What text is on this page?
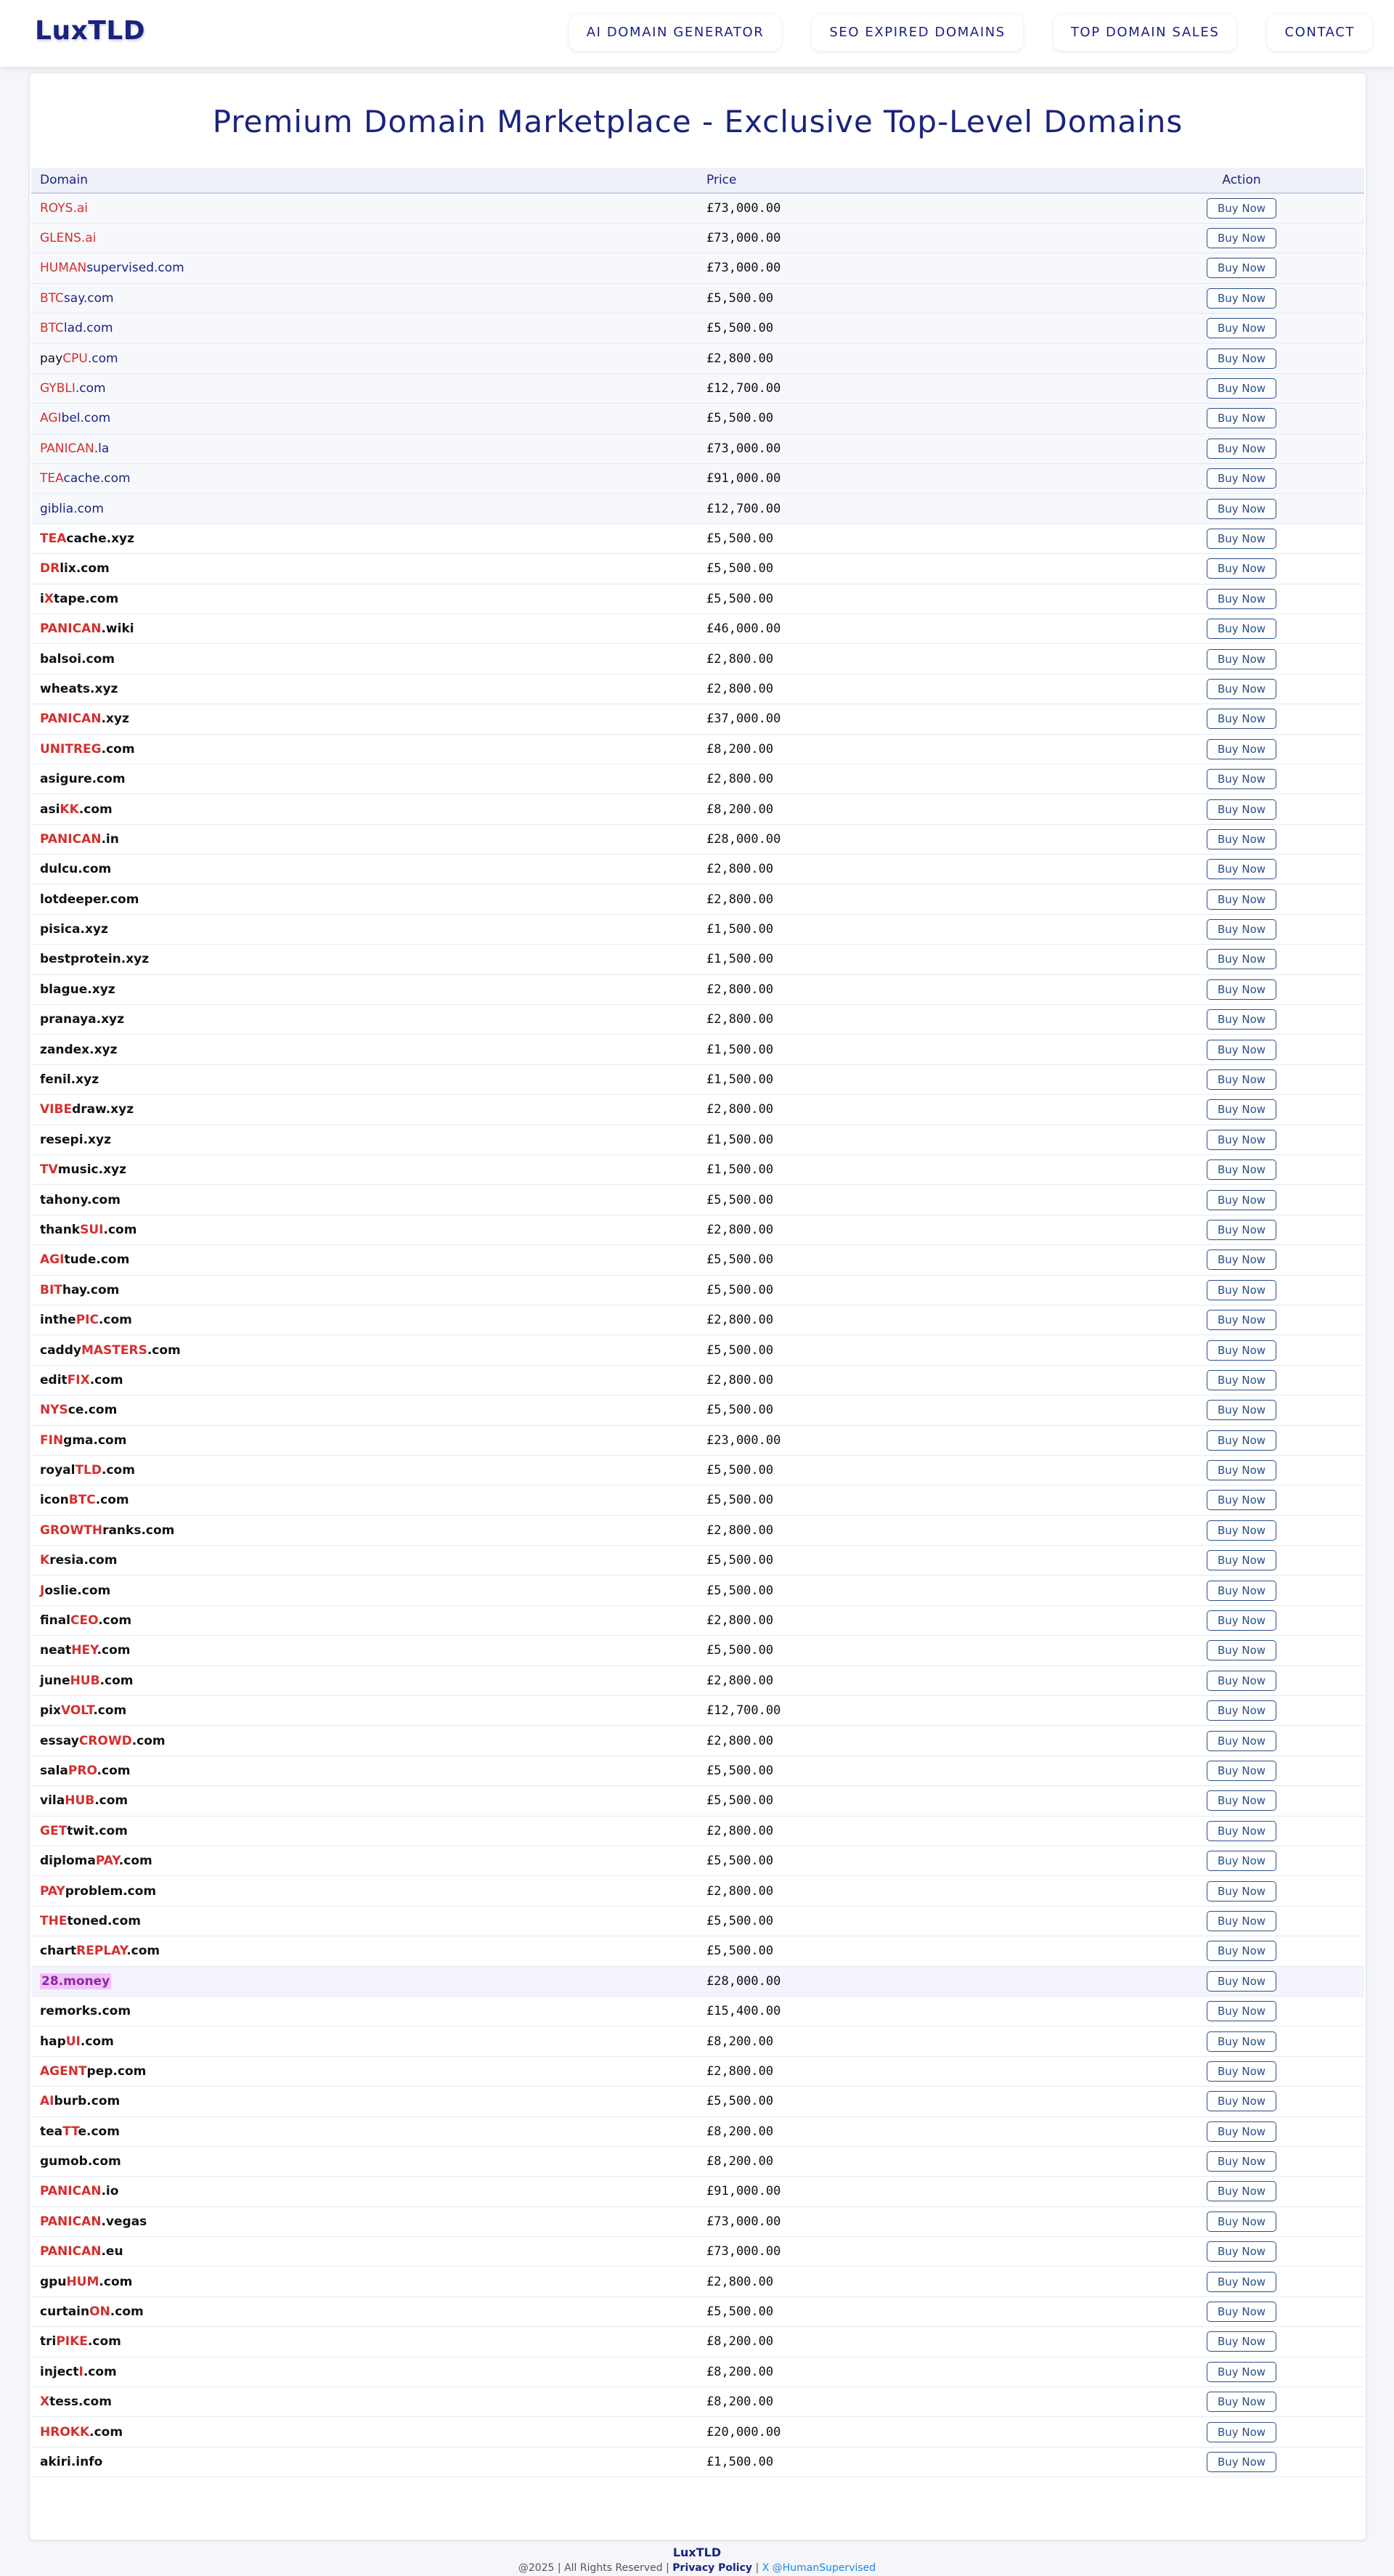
LuxTLD	AI DOMAIN GENERATOR	SEO EXPIRED DOMAINS	TOP DOMAIN SALES	CONTACT
Premium Domain Marketplace - Exclusive Top-Level Domains
Domain	Price	Action
ROYS.ai	£73,000.00	Buy Now
GLENS.ai	£73,000.00	Buy Now
HUMANsupervised.com	£73,000.00	Buy Now
BTCsay.com	£5,500.00	Buy Now
BTClad.com	£5,500.00	Buy Now
payCPU.com	£2,800.00	Buy Now
GYBLI.com	£12,700.00	Buy Now
AGIbel.com	£5,500.00	Buy Now
PANICAN.la	£73,000.00	Buy Now
TEAcache.com	£91,000.00	Buy Now
giblia.com	£12,700.00	Buy Now
TEAcache.xyz	£5,500.00	Buy Now
DRlix.com	£5,500.00	Buy Now
iXtape.com	£5,500.00	Buy Now
PANICAN.wiki	£46,000.00	Buy Now
balsoi.com	£2,800.00	Buy Now
wheats.xyz	£2,800.00	Buy Now
PANICAN.xyz	£37,000.00	Buy Now
UNITREG.com	£8,200.00	Buy Now
asigure.com	£2,800.00	Buy Now
asiKK.com	£8,200.00	Buy Now
PANICAN.in	£28,000.00	Buy Now
dulcu.com	£2,800.00	Buy Now
lotdeeper.com	£2,800.00	Buy Now
pisica.xyz	£1,500.00	Buy Now
bestprotein.xyz	£1,500.00	Buy Now
blague.xyz	£2,800.00	Buy Now
pranaya.xyz	£2,800.00	Buy Now
zandex.xyz	£1,500.00	Buy Now
fenil.xyz	£1,500.00	Buy Now
VIBEdraw.xyz	£2,800.00	Buy Now
resepi.xyz	£1,500.00	Buy Now
TVmusic.xyz	£1,500.00	Buy Now
tahony.com	£5,500.00	Buy Now
thankSUI.com	£2,800.00	Buy Now
AGItude.com	£5,500.00	Buy Now
BIThay.com	£5,500.00	Buy Now
inthePIC.com	£2,800.00	Buy Now
caddyMASTERS.com	£5,500.00	Buy Now
editFIX.com	£2,800.00	Buy Now
NYSce.com	£5,500.00	Buy Now
FINgma.com	£23,000.00	Buy Now
royalTLD.com	£5,500.00	Buy Now
iconBTC.com	£5,500.00	Buy Now
GROWTHranks.com	£2,800.00	Buy Now
Kresia.com	£5,500.00	Buy Now
Joslie.com	£5,500.00	Buy Now
finalCEO.com	£2,800.00	Buy Now
neatHEY.com	£5,500.00	Buy Now
juneHUB.com	£2,800.00	Buy Now
pixVOLT.com	£12,700.00	Buy Now
essayCROWD.com	£2,800.00	Buy Now
salaPRO.com	£5,500.00	Buy Now
vilaHUB.com	£5,500.00	Buy Now
GETtwit.com	£2,800.00	Buy Now
diplomaPAY.com	£5,500.00	Buy Now
PAYproblem.com	£2,800.00	Buy Now
THEtoned.com	£5,500.00	Buy Now
chartREPLAY.com	£5,500.00	Buy Now
28.money	£28,000.00	Buy Now
remorks.com	£15,400.00	Buy Now
hapUI.com	£8,200.00	Buy Now
AGENTpep.com	£2,800.00	Buy Now
AIburb.com	£5,500.00	Buy Now
teaTTe.com	£8,200.00	Buy Now
gumob.com	£8,200.00	Buy Now
PANICAN.io	£91,000.00	Buy Now
PANICAN.vegas	£73,000.00	Buy Now
PANICAN.eu	£73,000.00	Buy Now
gpuHUM.com	£2,800.00	Buy Now
curtainON.com	£5,500.00	Buy Now
triPIKE.com	£8,200.00	Buy Now
injectI.com	£8,200.00	Buy Now
Xtess.com	£8,200.00	Buy Now
HROKK.com	£20,000.00	Buy Now
akiri.info	£1,500.00	Buy Now
LuxTLD
@2025 | All Rights Reserved | Privacy Policy | X @HumanSupervised
